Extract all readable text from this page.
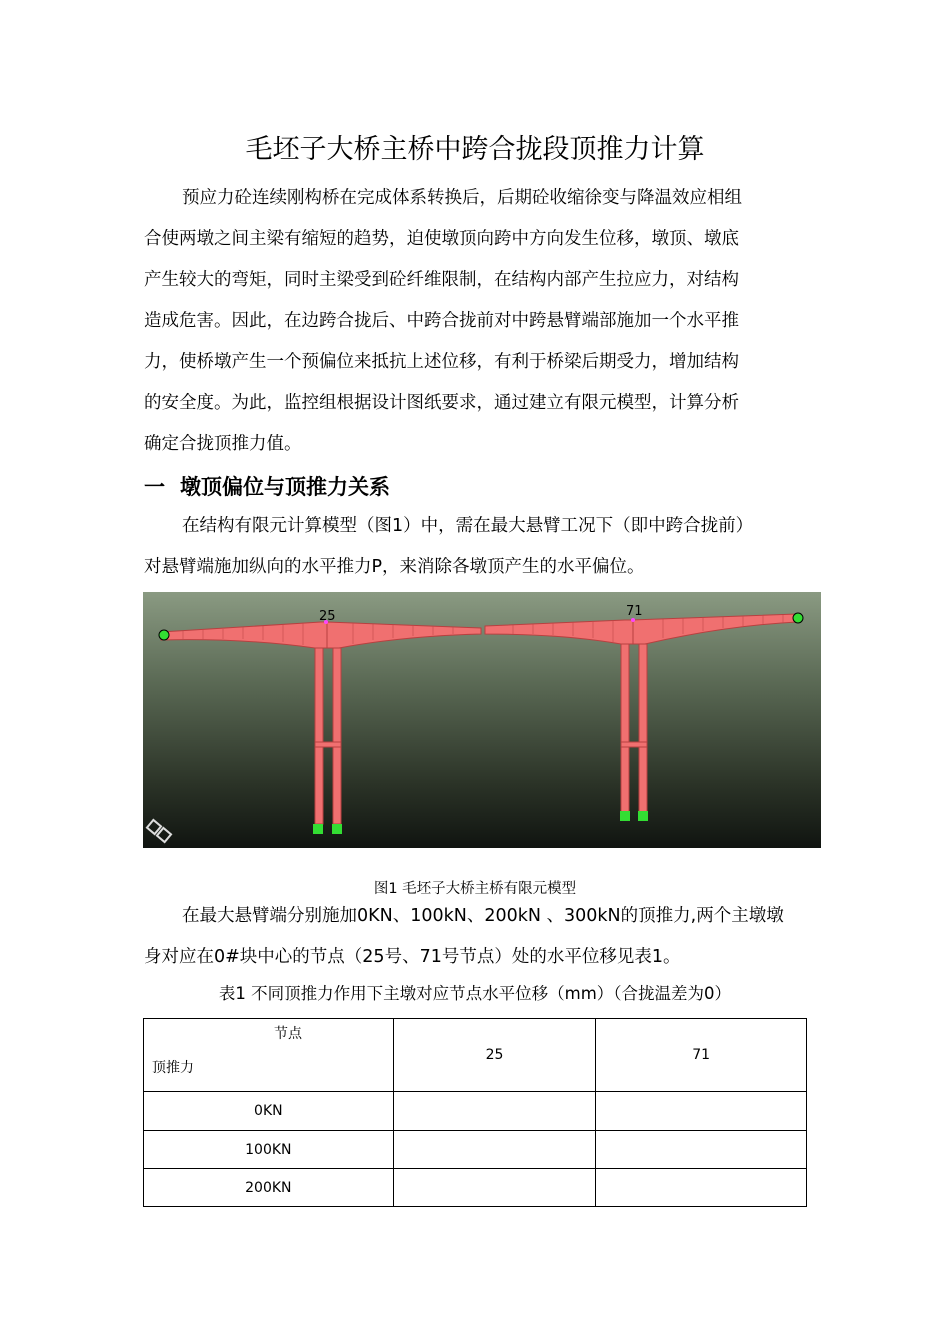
毛坯子大桥主桥中跨合拢段顶推力计算

预应力砼连续刚构桥在完成体系转换后，后期砼收缩徐变与降温效应相组
合使两墩之间主梁有缩短的趋势，迫使墩顶向跨中方向发生位移，墩顶、墩底
产生较大的弯矩，同时主梁受到砼纤维限制，在结构内部产生拉应力，对结构
造成危害。因此，在边跨合拢后、中跨合拢前对中跨悬臂端部施加一个水平推
力，使桥墩产生一个预偏位来抵抗上述位移，有利于桥梁后期受力，增加结构
的安全度。为此，监控组根据设计图纸要求，通过建立有限元模型，计算分析
确定合拢顶推力值。

一 墩顶偏位与顶推力关系

在结构有限元计算模型（图1）中，需在最大悬臂工况下（即中跨合拢前）
对悬臂端施加纵向的水平推力P，来消除各墩顶产生的水平偏位。

25	71
图1 毛坯子大桥主桥有限元模型

在最大悬臂端分别施加0KN、100kN、200kN 、300kN的顶推力,两个主墩墩
身对应在0#块中心的节点（25号、71号节点）处的水平位移见表1。

表1 不同顶推力作用下主墩对应节点水平位移（mm）（合拢温差为0）
节点
顶推力	25	71
0KN		
100KN		
200KN		
